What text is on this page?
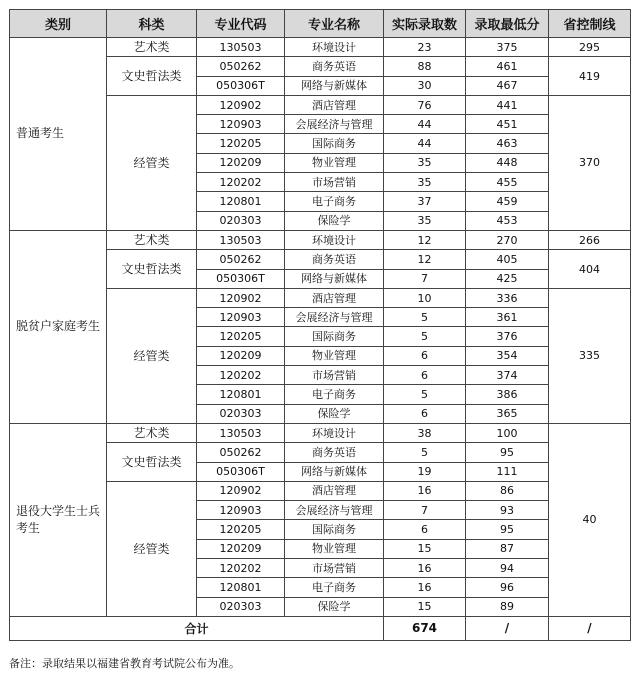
类别	科类	专业代码	专业名称	实际录取数	录取最低分	省控制线
普通考生	艺术类	130503	环境设计	23	375	295
	文史哲法类	050262	商务英语	88	461	419
		050306T	网络与新媒体	30	467	
	经管类	120902	酒店管理	76	441	370
		120903	会展经济与管理	44	451	
		120205	国际商务	44	463	
		120209	物业管理	35	448	
		120202	市场营销	35	455	
		120801	电子商务	37	459	
		020303	保险学	35	453	
脱贫户家庭考生	艺术类	130503	环境设计	12	270	266
	文史哲法类	050262	商务英语	12	405	404
		050306T	网络与新媒体	7	425	
	经管类	120902	酒店管理	10	336	335
		120903	会展经济与管理	5	361	
		120205	国际商务	5	376	
		120209	物业管理	6	354	
		120202	市场营销	6	374	
		120801	电子商务	5	386	
		020303	保险学	6	365	
退役大学生士兵考生	艺术类	130503	环境设计	38	100	40
	文史哲法类	050262	商务英语	5	95	
		050306T	网络与新媒体	19	111	
	经管类	120902	酒店管理	16	86	
		120903	会展经济与管理	7	93	
		120205	国际商务	6	95	
		120209	物业管理	15	87	
		120202	市场营销	16	94	
		120801	电子商务	16	96	
		020303	保险学	15	89	
合计				674	/	/
备注：录取结果以福建省教育考试院公布为准。
